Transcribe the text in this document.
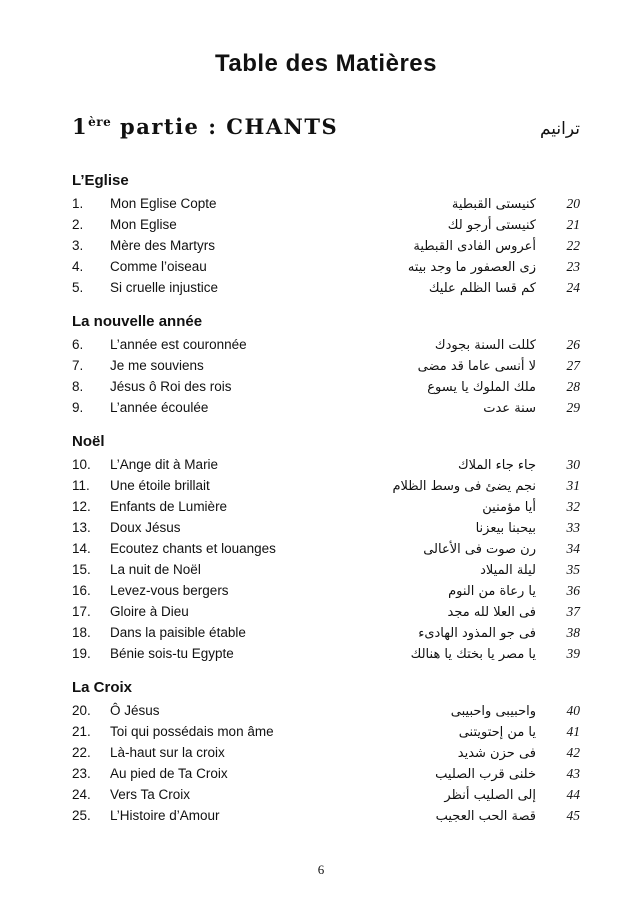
Table des Matières
1ère partie : CHANTS	ترانيم
L’Eglise
1.	Mon Eglise Copte	كنيستى القبطية	20
2.	Mon Eglise	كنيستى أرجو لك	21
3.	Mère des Martyrs	أعروس الفادى القبطية	22
4.	Comme l’oiseau	زى العصفور ما وجد بيته	23
5.	Si cruelle injustice	كم قسا الظلم عليك	24
La nouvelle année
6.	L’année est couronnée	كللت السنة بجودك	26
7.	Je me souviens	لا أنسى عاما قد مضى	27
8.	Jésus ô Roi des rois	ملك الملوك يا يسوع	28
9.	L’année écoulée	سنة عدت	29
Noël
10.	L’Ange dit à Marie	جاء جاء الملاك	30
11.	Une étoile brillait	نجم يضئ فى وسط الظلام	31
12.	Enfants de Lumière	أيا مؤمنين	32
13.	Doux Jésus	بيحبنا بيعزنا	33
14.	Ecoutez chants et louanges	رن صوت فى الأعالى	34
15.	La nuit de Noël	ليلة الميلاد	35
16.	Levez-vous bergers	يا رعاة من النوم	36
17.	Gloire à Dieu	فى العلا لله مجد	37
18.	Dans la paisible étable	فى جو المذود الهادىء	38
19.	Bénie sois-tu Egypte	يا مصر يا بختك يا هنالك	39
La Croix
20.	Ô Jésus	واحبيبى واحبيبى	40
21.	Toi qui possédais mon âme	يا من إحتويتنى	41
22.	Là-haut sur la croix	فى حزن شديد	42
23.	Au pied de Ta Croix	خلنى قرب الصليب	43
24.	Vers Ta Croix	إلى الصليب أنظر	44
25.	L’Histoire d’Amour	قصة الحب العجيب	45
6
